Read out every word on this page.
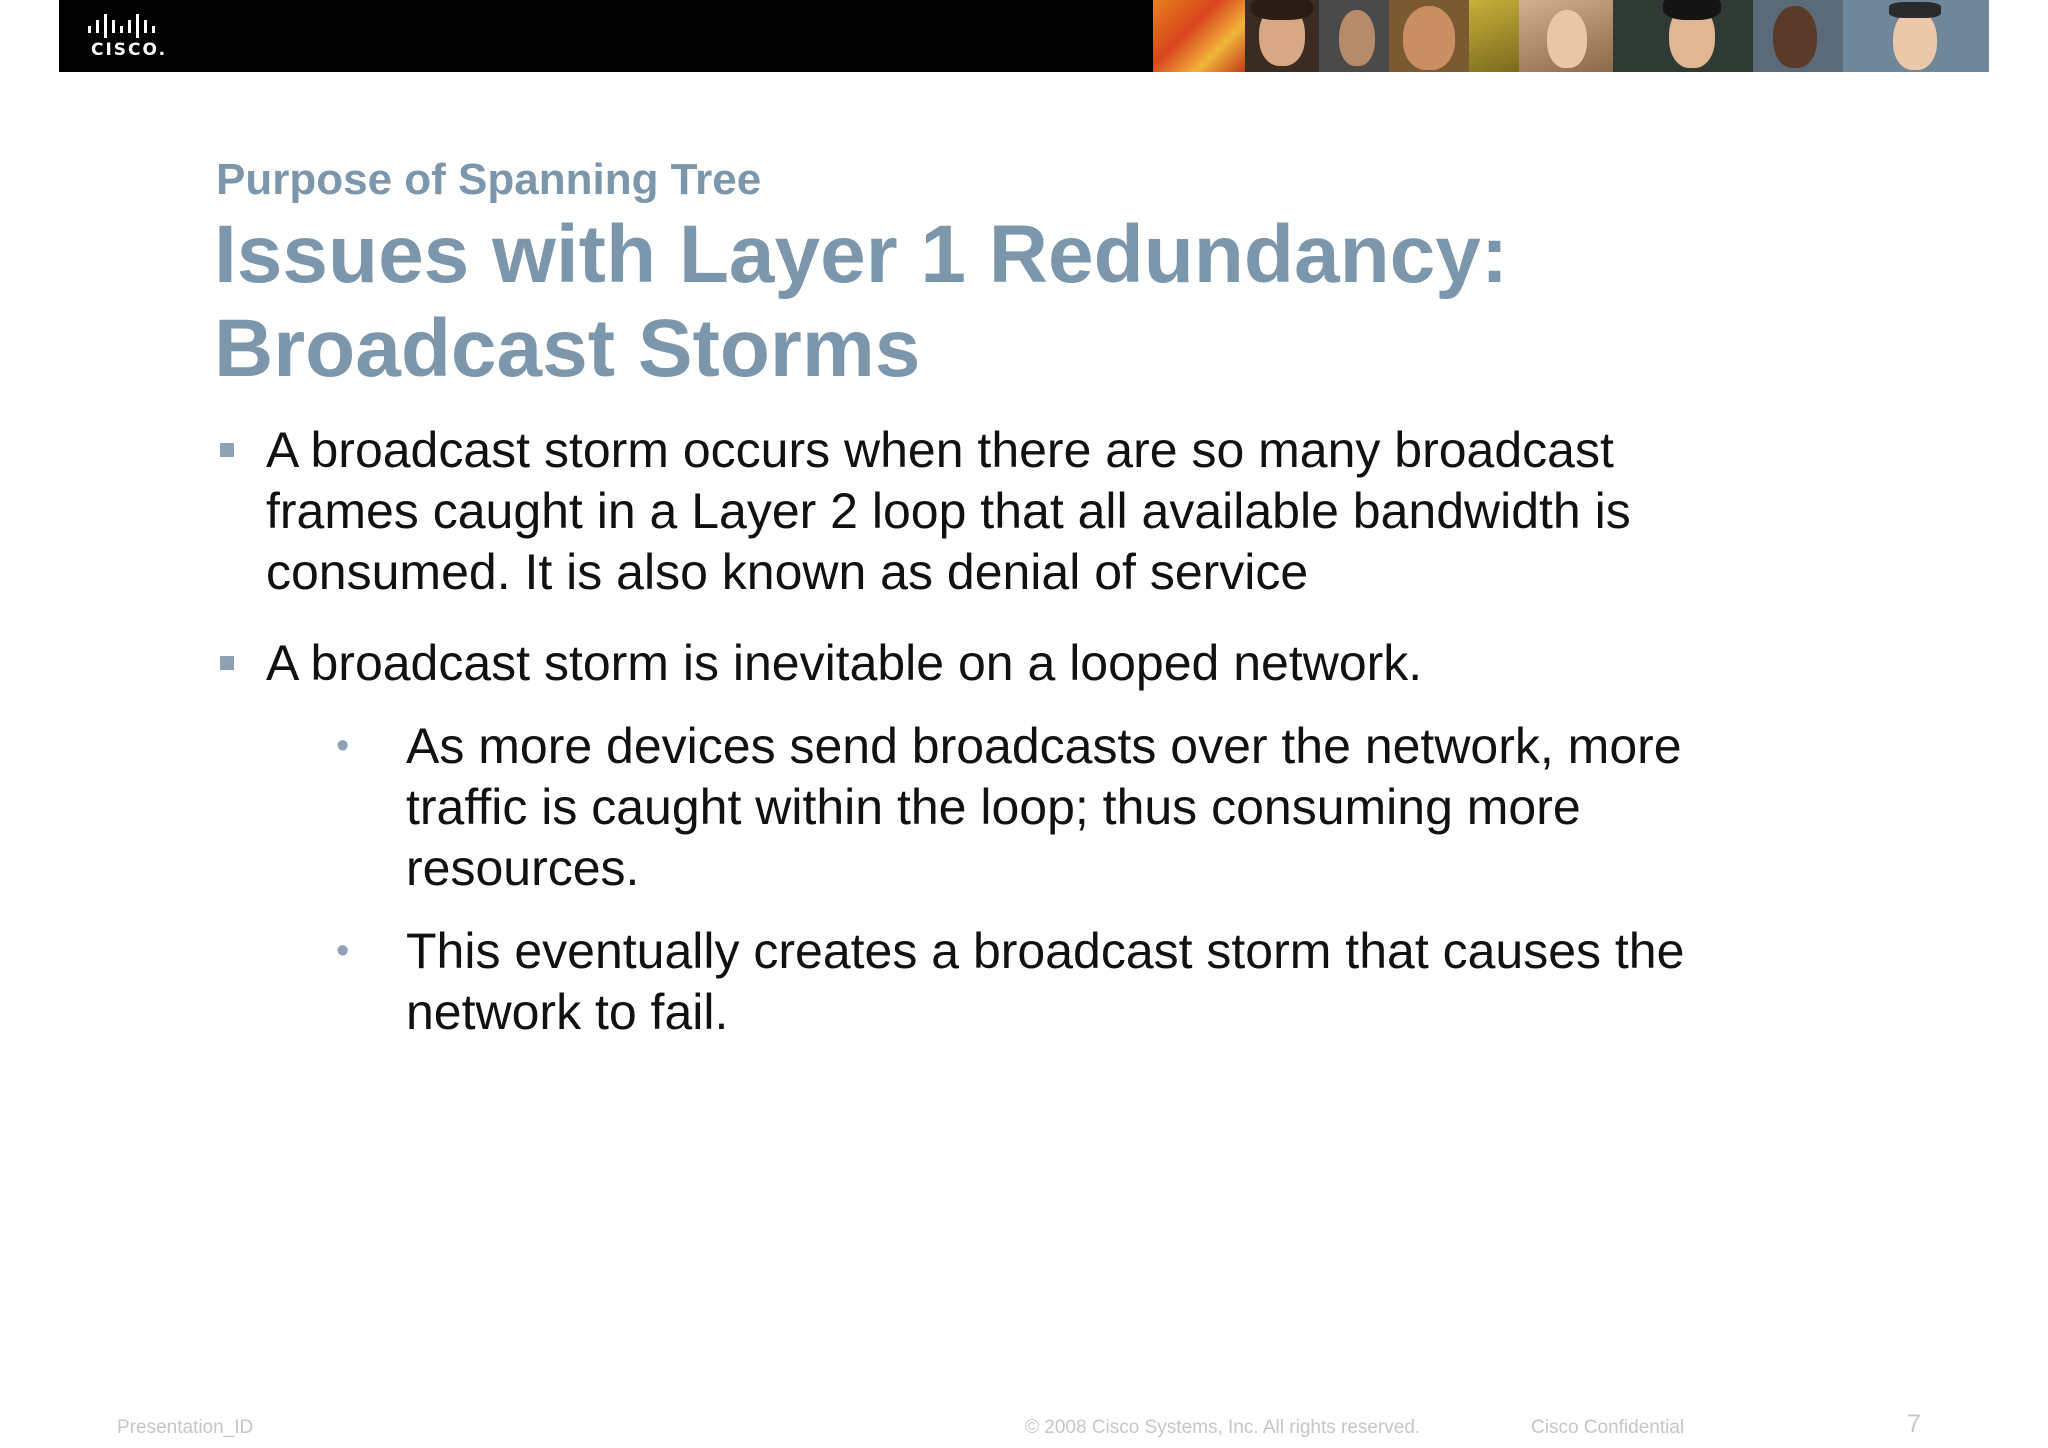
CISCO.
Purpose of Spanning Tree
Issues with Layer 1 Redundancy:
Broadcast Storms
A broadcast storm occurs when there are so many broadcast frames caught in a Layer 2 loop that all available bandwidth is consumed. It is also known as denial of service
A broadcast storm is inevitable on a looped network.
• As more devices send broadcasts over the network, more traffic is caught within the loop; thus consuming more resources.
• This eventually creates a broadcast storm that causes the network to fail.
Presentation_ID	© 2008 Cisco Systems, Inc. All rights reserved.	Cisco Confidential	7
